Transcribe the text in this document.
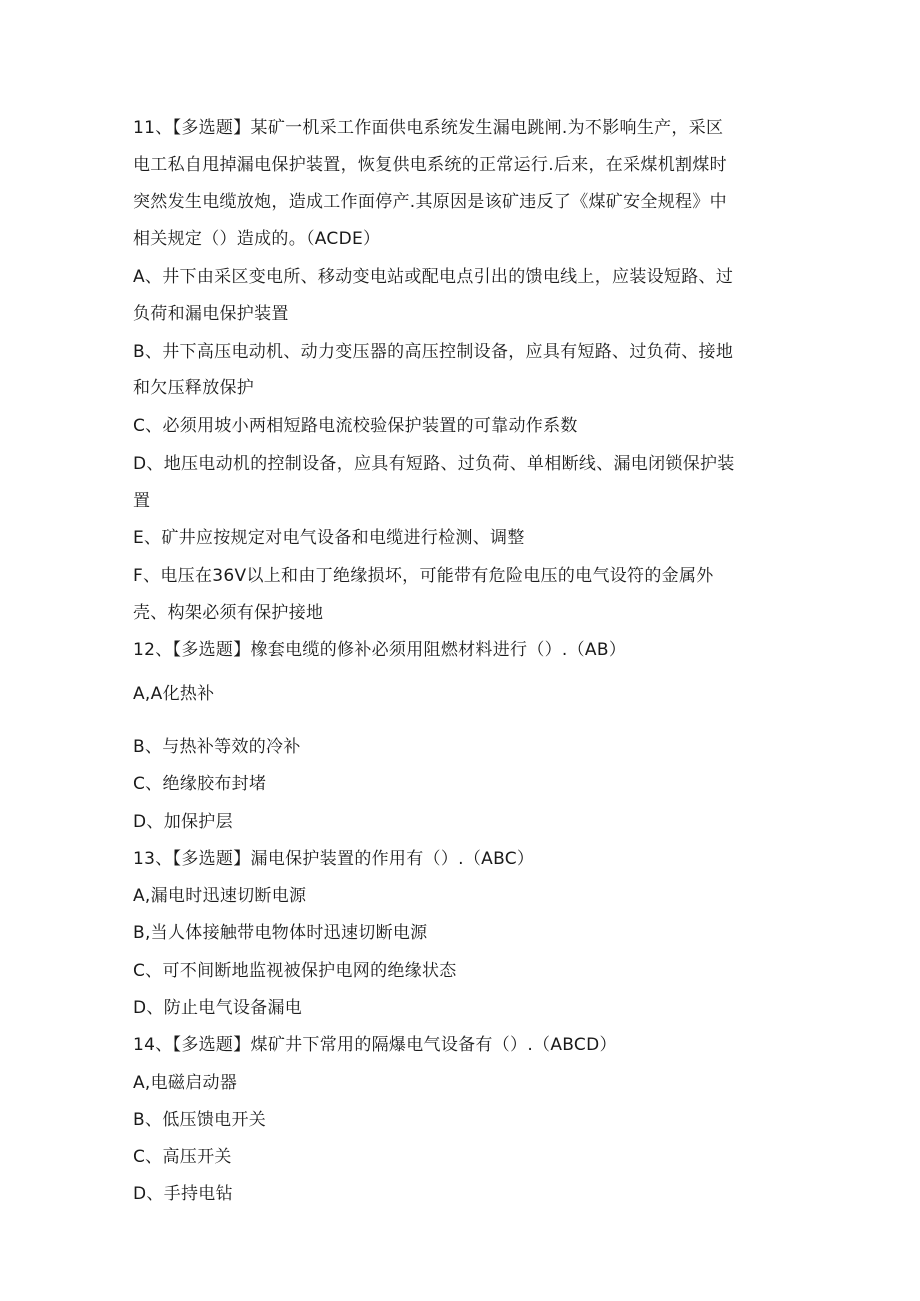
11、【多选题】某矿一机采工作面供电系统发生漏电跳闸.为不影响生产，采区
电工私自甩掉漏电保护装置，恢复供电系统的正常运行.后来，在采煤机割煤时
突然发生电缆放炮，造成工作面停产.其原因是该矿违反了《煤矿安全规程》中
相关规定（）造成的。（ACDE）
A、井下由采区变电所、移动变电站或配电点引出的馈电线上，应装设短路、过
负荷和漏电保护装置
B、井下高压电动机、动力变压器的高压控制设备，应具有短路、过负荷、接地
和欠压释放保护
C、必须用坡小两相短路电流校验保护装置的可靠动作系数
D、地压电动机的控制设备，应具有短路、过负荷、单相断线、漏电闭锁保护装
置
E、矿井应按规定对电气设备和电缆进行检测、调整
F、电压在36V以上和由丁绝缘损坏，可能带有危险电压的电气设符的金属外
壳、构架必须有保护接地
12、【多选题】橡套电缆的修补必须用阻燃材料进行（）.（AB）
A,A化热补
B、与热补等效的冷补
C、绝缘胶布封堵
D、加保护层
13、【多选题】漏电保护装置的作用有（）.（ABC）
A,漏电时迅速切断电源
B,当人体接触带电物体时迅速切断电源
C、可不间断地监视被保护电网的绝缘状态
D、防止电气设备漏电
14、【多选题】煤矿井下常用的隔爆电气设备有（）.（ABCD）
A,电磁启动器
B、低压馈电开关
C、高压开关
D、手持电钻
